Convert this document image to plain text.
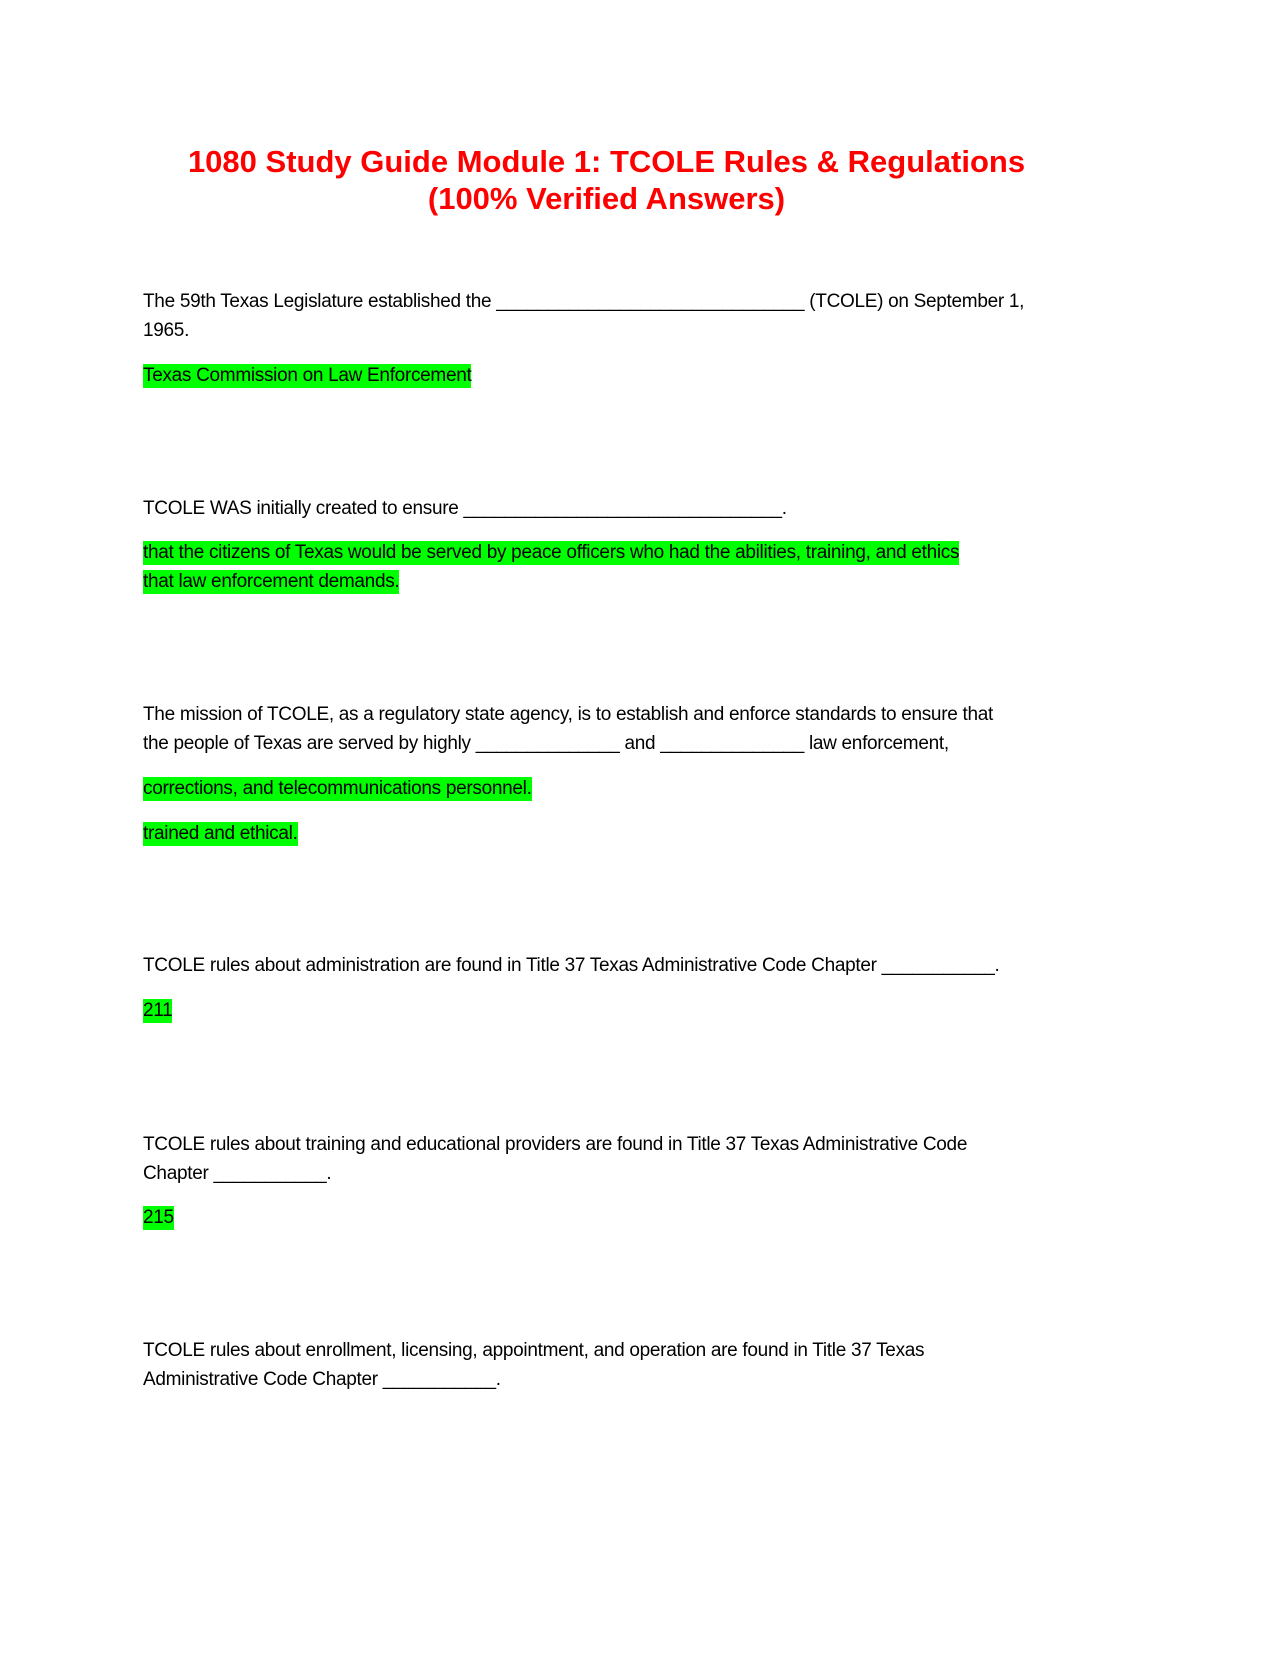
1080 Study Guide Module 1: TCOLE Rules & Regulations
(100% Verified Answers)
The 59th Texas Legislature established the ______________________________ (TCOLE) on September 1,
1965.
Texas Commission on Law Enforcement
TCOLE WAS initially created to ensure _______________________________.
that the citizens of Texas would be served by peace officers who had the abilities, training, and ethics
that law enforcement demands.
The mission of TCOLE, as a regulatory state agency, is to establish and enforce standards to ensure that
the people of Texas are served by highly ______________ and ______________ law enforcement,
corrections, and telecommunications personnel.
trained and ethical.
TCOLE rules about administration are found in Title 37 Texas Administrative Code Chapter ___________.
211
TCOLE rules about training and educational providers are found in Title 37 Texas Administrative Code
Chapter ___________.
215
TCOLE rules about enrollment, licensing, appointment, and operation are found in Title 37 Texas
Administrative Code Chapter ___________.
